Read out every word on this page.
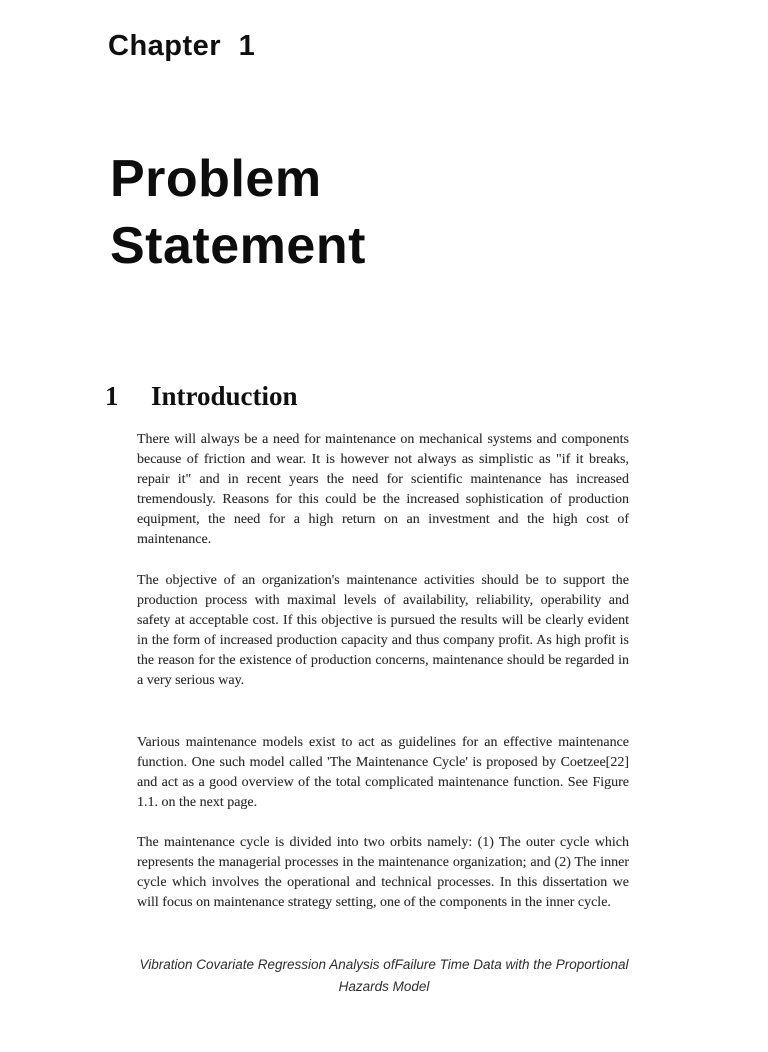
Chapter 1
Problem
Statement
1 Introduction

There will always be a need for maintenance on mechanical systems and components because of friction and wear. It is however not always as simplistic as "if it breaks, repair it" and in recent years the need for scientific maintenance has increased tremendously. Reasons for this could be the increased sophistication of production equipment, the need for a high return on an investment and the high cost of maintenance.

The objective of an organization's maintenance activities should be to support the production process with maximal levels of availability, reliability, operability and safety at acceptable cost. If this objective is pursued the results will be clearly evident in the form of increased production capacity and thus company profit. As high profit is the reason for the existence of production concerns, maintenance should be regarded in a very serious way.

Various maintenance models exist to act as guidelines for an effective maintenance function. One such model called 'The Maintenance Cycle' is proposed by Coetzee[22] and act as a good overview of the total complicated maintenance function. See Figure 1.1. on the next page.

The maintenance cycle is divided into two orbits namely: (1) The outer cycle which represents the managerial processes in the maintenance organization; and (2) The inner cycle which involves the operational and technical processes. In this dissertation we will focus on maintenance strategy setting, one of the components in the inner cycle.

Vibration Covariate Regression Analysis ofFailure Time Data with the Proportional
Hazards Model
